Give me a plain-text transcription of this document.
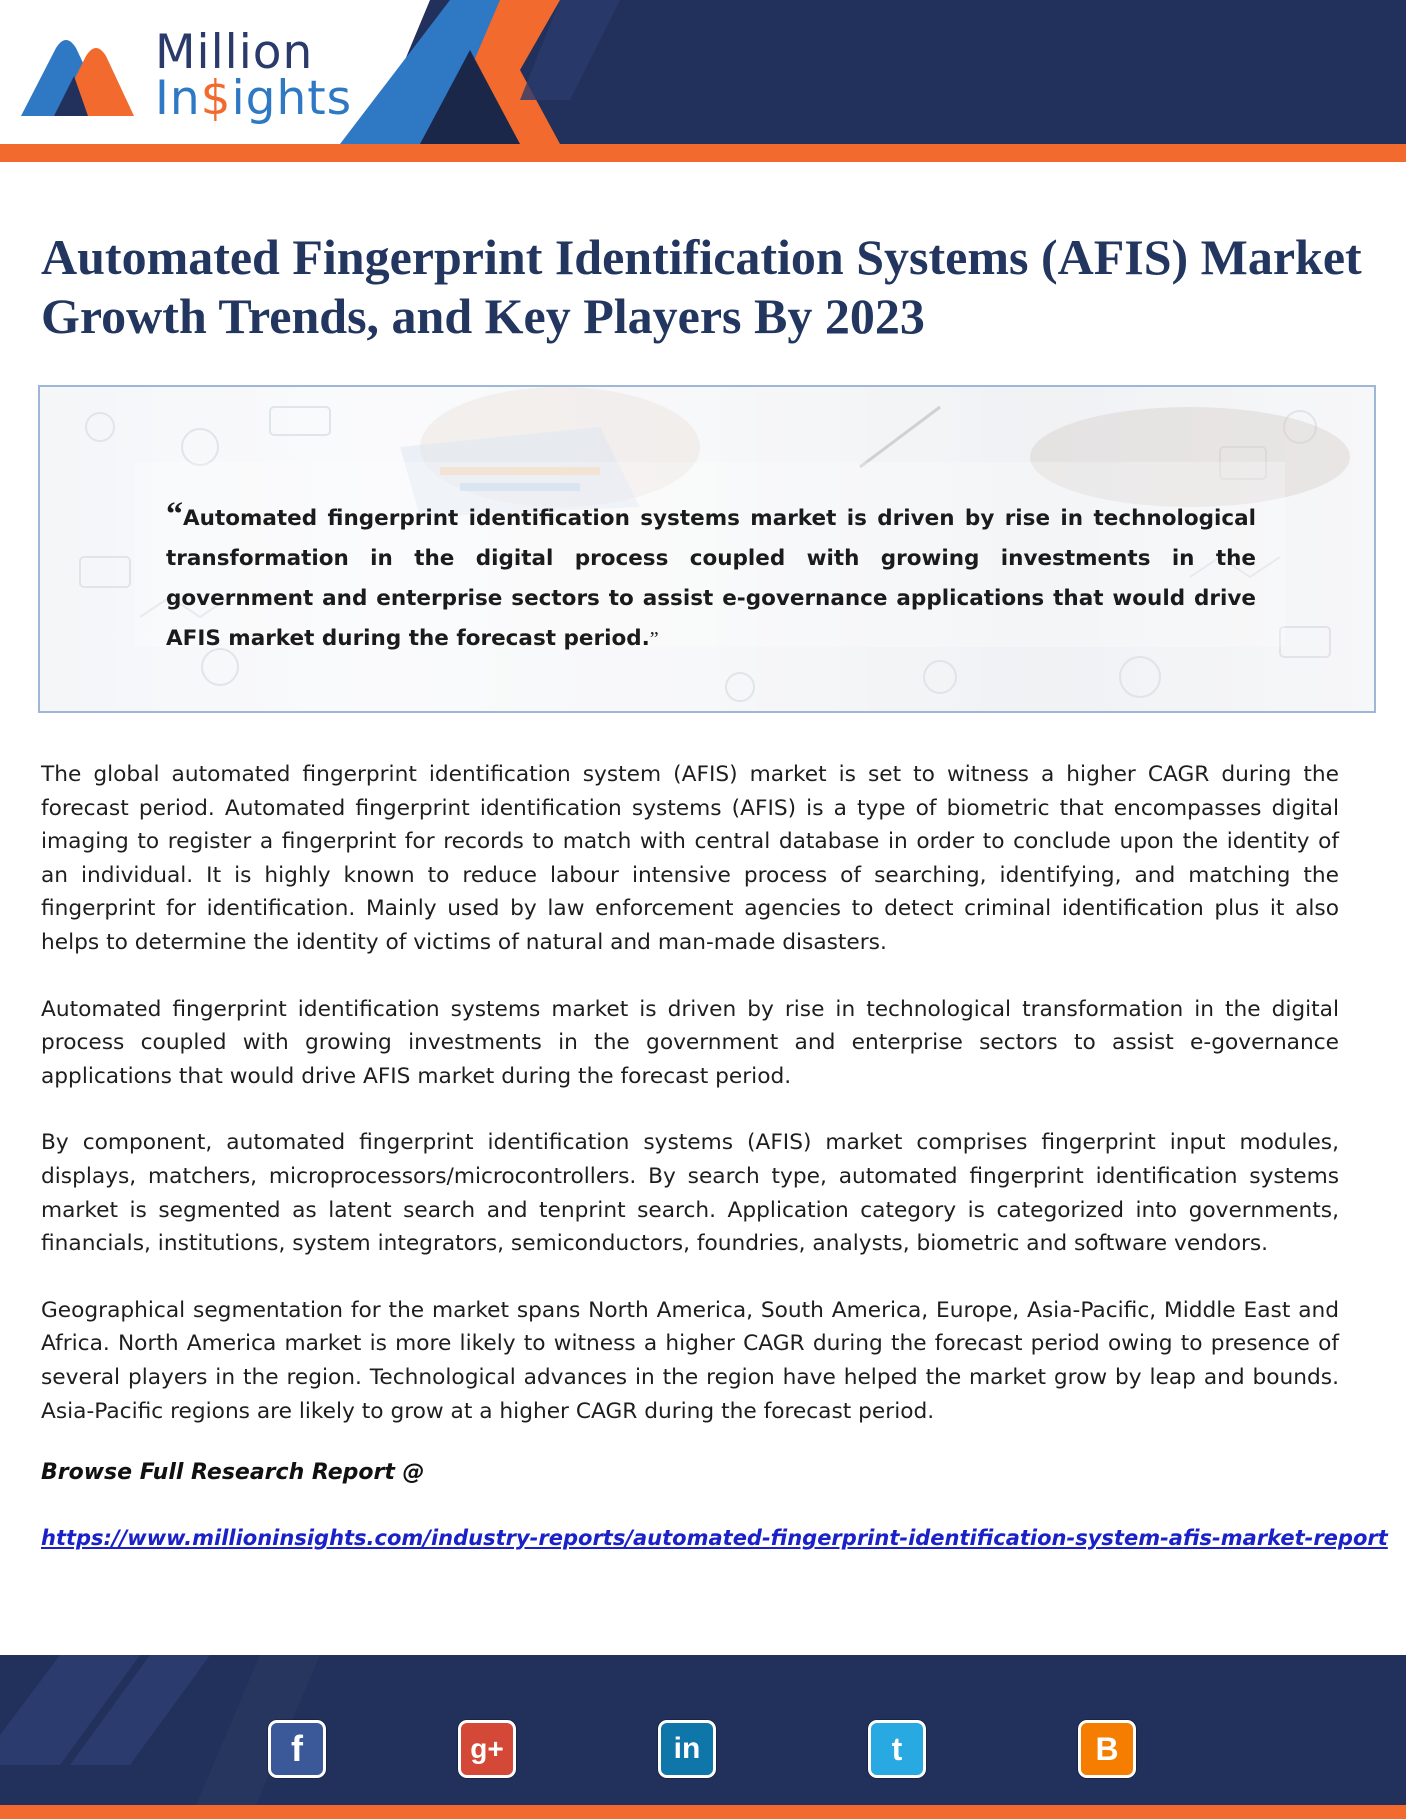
Million
In$ights
Automated Fingerprint Identification Systems (AFIS) Market Growth Trends, and Key Players By 2023

“Automated fingerprint identification systems market is driven by rise in technological transformation in the digital process coupled with growing investments in the government and enterprise sectors to assist e-governance applications that would drive AFIS market during the forecast period.”

The global automated fingerprint identification system (AFIS) market is set to witness a higher CAGR during the forecast period. Automated fingerprint identification systems (AFIS) is a type of biometric that encompasses digital imaging to register a fingerprint for records to match with central database in order to conclude upon the identity of an individual. It is highly known to reduce labour intensive process of searching, identifying, and matching the fingerprint for identification. Mainly used by law enforcement agencies to detect criminal identification plus it also helps to determine the identity of victims of natural and man-made disasters.

Automated fingerprint identification systems market is driven by rise in technological transformation in the digital process coupled with growing investments in the government and enterprise sectors to assist e-governance applications that would drive AFIS market during the forecast period.

By component, automated fingerprint identification systems (AFIS) market comprises fingerprint input modules, displays, matchers, microprocessors/microcontrollers. By search type, automated fingerprint identification systems market is segmented as latent search and tenprint search. Application category is categorized into governments, financials, institutions, system integrators, semiconductors, foundries, analysts, biometric and software vendors.

Geographical segmentation for the market spans North America, South America, Europe, Asia-Pacific, Middle East and Africa. North America market is more likely to witness a higher CAGR during the forecast period owing to presence of several players in the region. Technological advances in the region have helped the market grow by leap and bounds. Asia-Pacific regions are likely to grow at a higher CAGR during the forecast period.

Browse Full Research Report @

https://www.millioninsights.com/industry-reports/automated-fingerprint-identification-system-afis-market-report
f	g+	in	t	B
